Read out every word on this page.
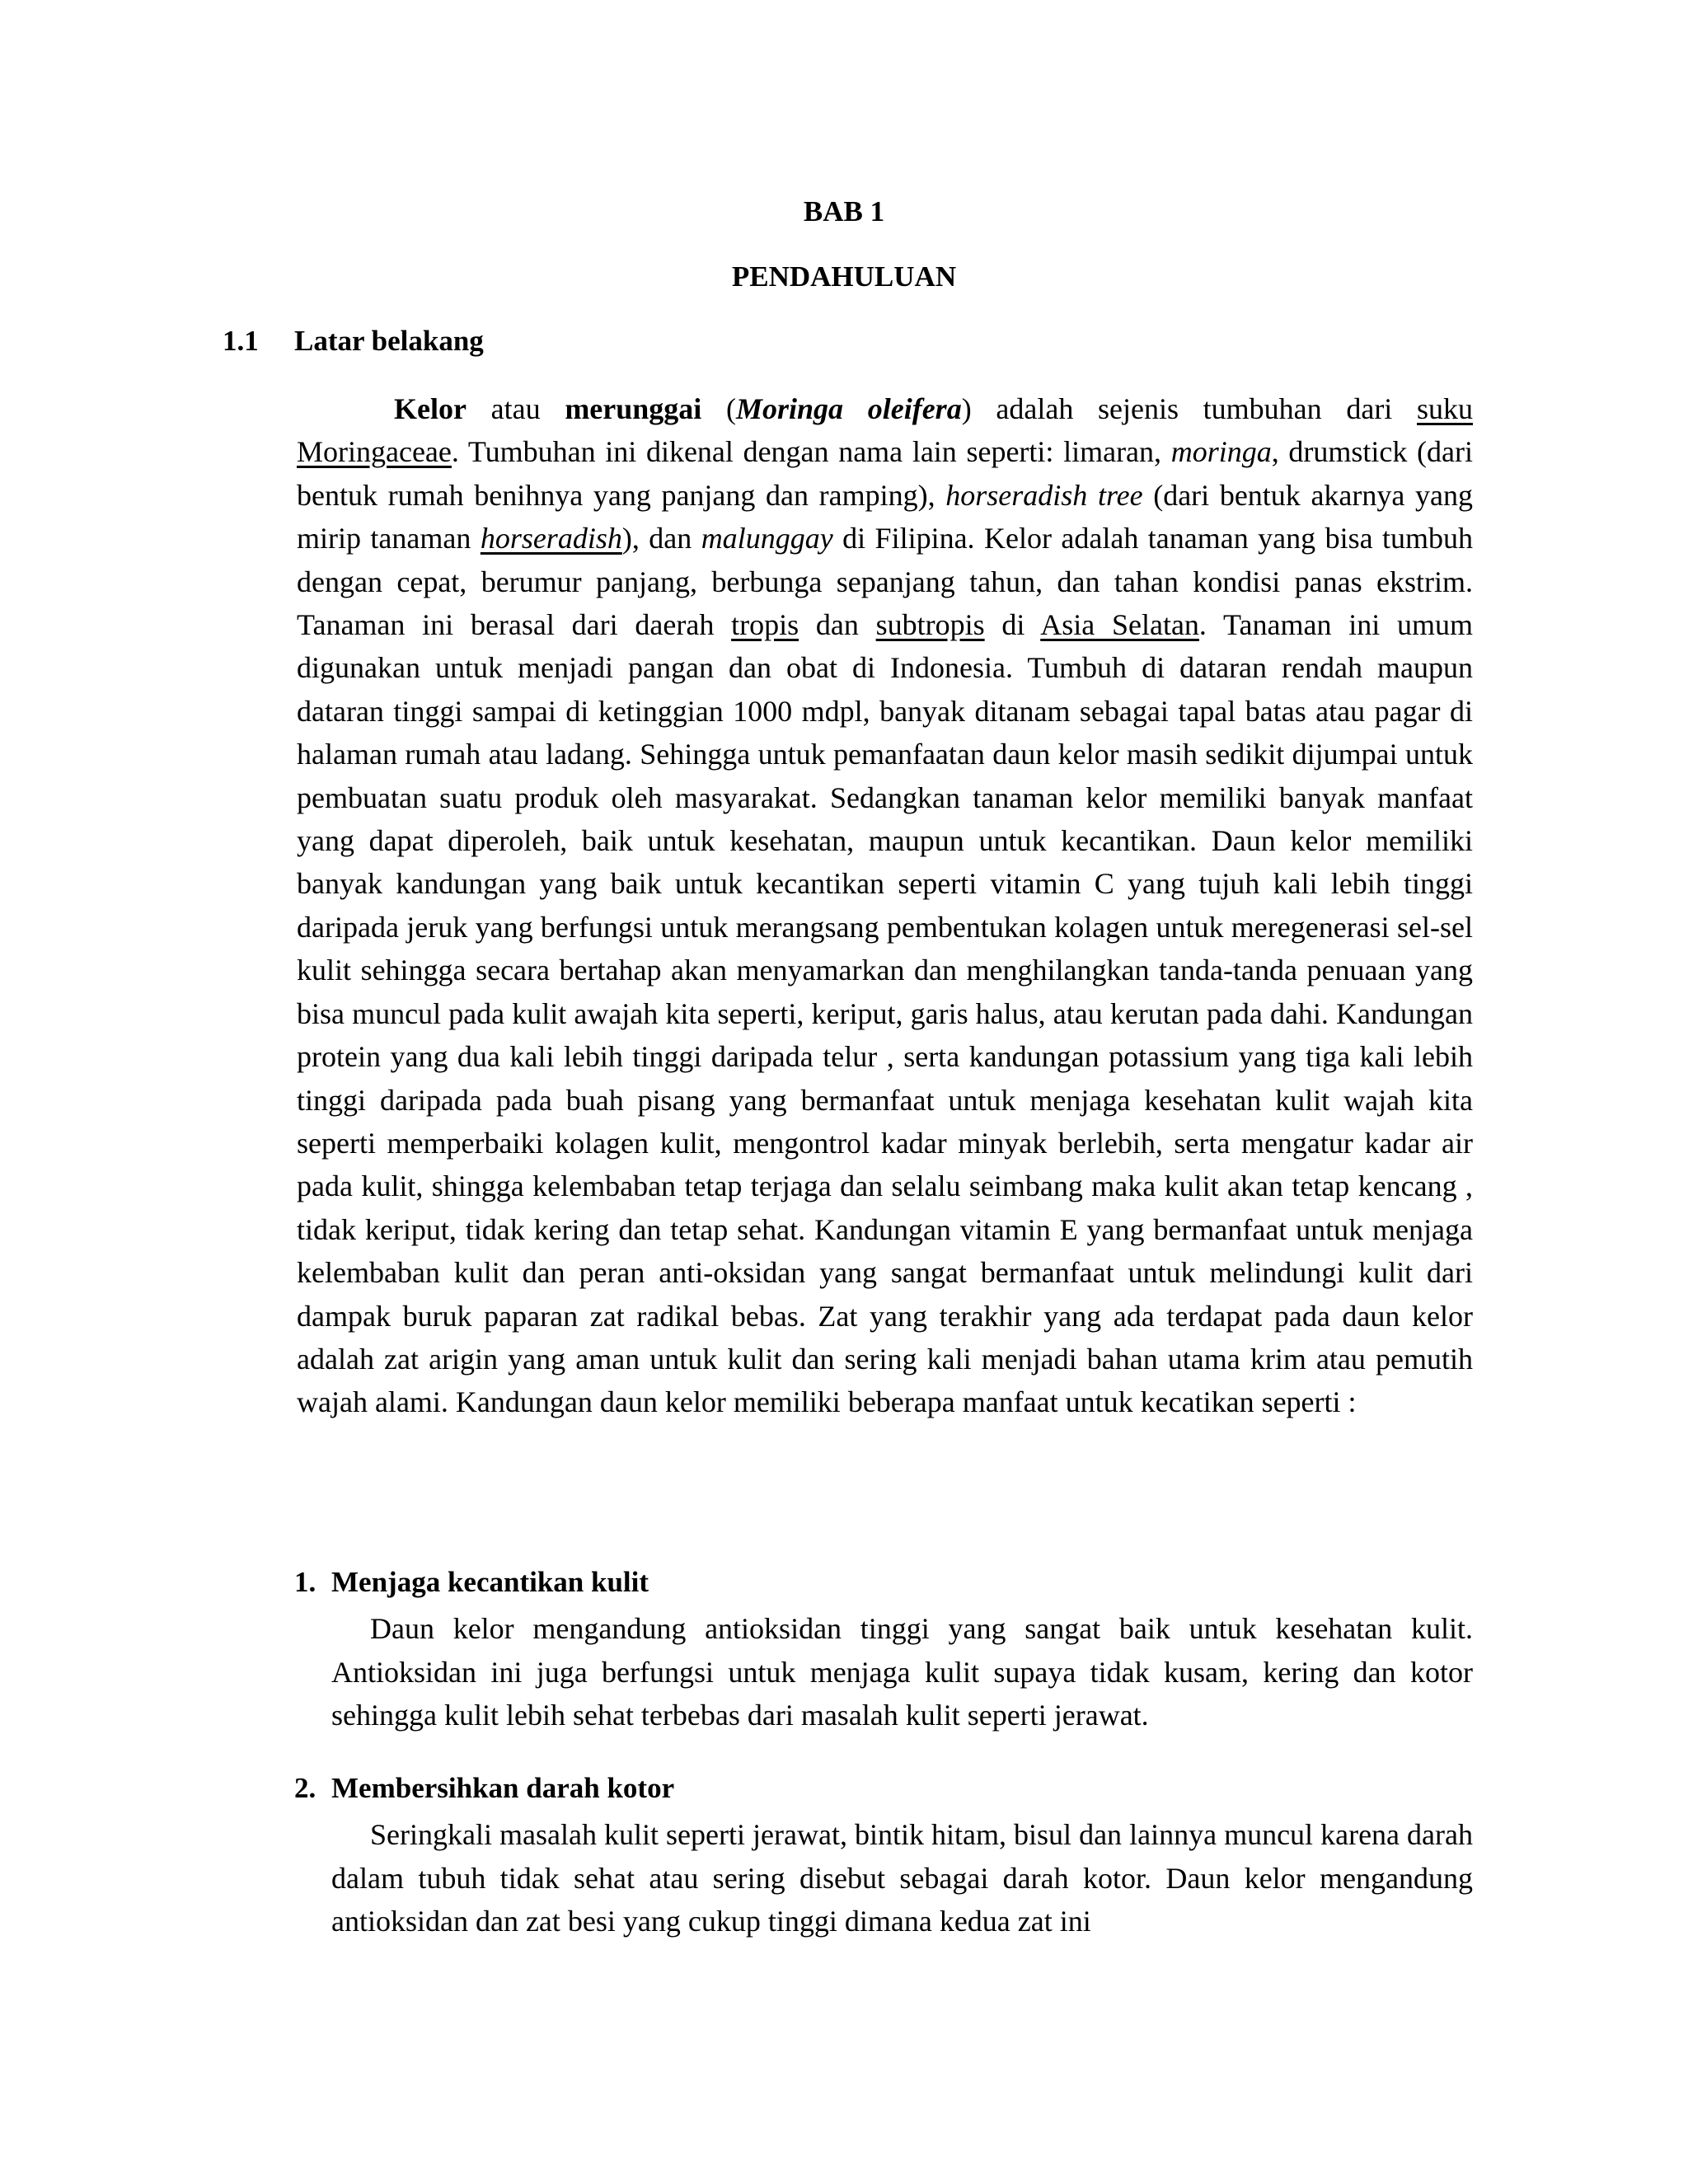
BAB 1
PENDAHULUAN
1.1 Latar belakang

Kelor atau merunggai (Moringa oleifera) adalah sejenis tumbuhan dari suku Moringaceae. Tumbuhan ini dikenal dengan nama lain seperti: limaran, moringa, drumstick (dari bentuk rumah benihnya yang panjang dan ramping), horseradish tree (dari bentuk akarnya yang mirip tanaman horseradish), dan malunggay di Filipina. Kelor adalah tanaman yang bisa tumbuh dengan cepat, berumur panjang, berbunga sepanjang tahun, dan tahan kondisi panas ekstrim. Tanaman ini berasal dari daerah tropis dan subtropis di Asia Selatan. Tanaman ini umum digunakan untuk menjadi pangan dan obat di Indonesia. Tumbuh di dataran rendah maupun dataran tinggi sampai di ketinggian 1000 mdpl, banyak ditanam sebagai tapal batas atau pagar di halaman rumah atau ladang. Sehingga untuk pemanfaatan daun kelor masih sedikit dijumpai untuk pembuatan suatu produk oleh masyarakat. Sedangkan tanaman kelor memiliki banyak manfaat yang dapat diperoleh, baik untuk kesehatan, maupun untuk kecantikan. Daun kelor memiliki banyak kandungan yang baik untuk kecantikan seperti vitamin C yang tujuh kali lebih tinggi daripada jeruk yang berfungsi untuk merangsang pembentukan kolagen untuk meregenerasi sel-sel kulit sehingga secara bertahap akan menyamarkan dan menghilangkan tanda-tanda penuaan yang bisa muncul pada kulit awajah kita seperti, keriput, garis halus, atau kerutan pada dahi. Kandungan protein yang dua kali lebih tinggi daripada telur , serta kandungan potassium yang tiga kali lebih tinggi daripada pada buah pisang yang bermanfaat untuk menjaga kesehatan kulit wajah kita seperti memperbaiki kolagen kulit, mengontrol kadar minyak berlebih, serta mengatur kadar air pada kulit, shingga kelembaban tetap terjaga dan selalu seimbang maka kulit akan tetap kencang , tidak keriput, tidak kering dan tetap sehat. Kandungan vitamin E yang bermanfaat untuk menjaga kelembaban kulit dan peran anti-oksidan yang sangat bermanfaat untuk melindungi kulit dari dampak buruk paparan zat radikal bebas. Zat yang terakhir yang ada terdapat pada daun kelor adalah zat arigin yang aman untuk kulit dan sering kali menjadi bahan utama krim atau pemutih wajah alami. Kandungan daun kelor memiliki beberapa manfaat untuk kecatikan seperti :

1. Menjaga kecantikan kulit

Daun kelor mengandung antioksidan tinggi yang sangat baik untuk kesehatan kulit. Antioksidan ini juga berfungsi untuk menjaga kulit supaya tidak kusam, kering dan kotor sehingga kulit lebih sehat terbebas dari masalah kulit seperti jerawat.

2. Membersihkan darah kotor

Seringkali masalah kulit seperti jerawat, bintik hitam, bisul dan lainnya muncul karena darah dalam tubuh tidak sehat atau sering disebut sebagai darah kotor. Daun kelor mengandung antioksidan dan zat besi yang cukup tinggi dimana kedua zat ini
